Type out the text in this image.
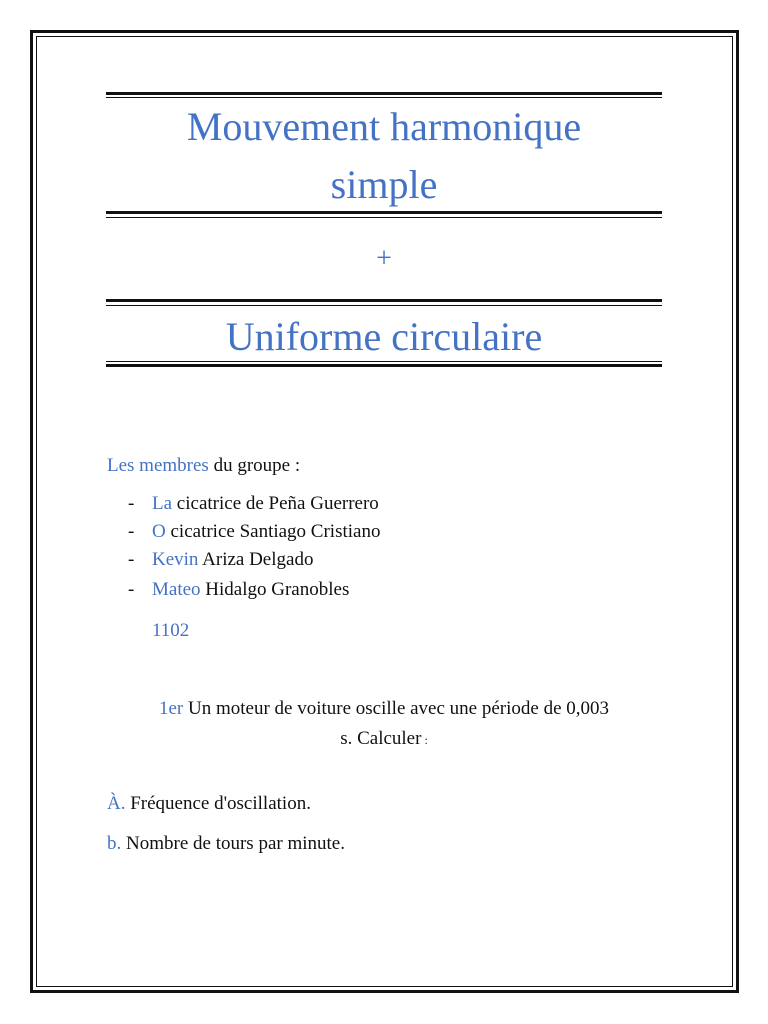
Mouvement harmonique
simple
+
Uniforme circulaire
Les membres du groupe :
- La cicatrice de Peña Guerrero
- O cicatrice Santiago Cristiano
- Kevin Ariza Delgado
- Mateo Hidalgo Granobles
1102
1er Un moteur de voiture oscille avec une période de 0,003
s. Calculer :
À. Fréquence d'oscillation.
b. Nombre de tours par minute.
